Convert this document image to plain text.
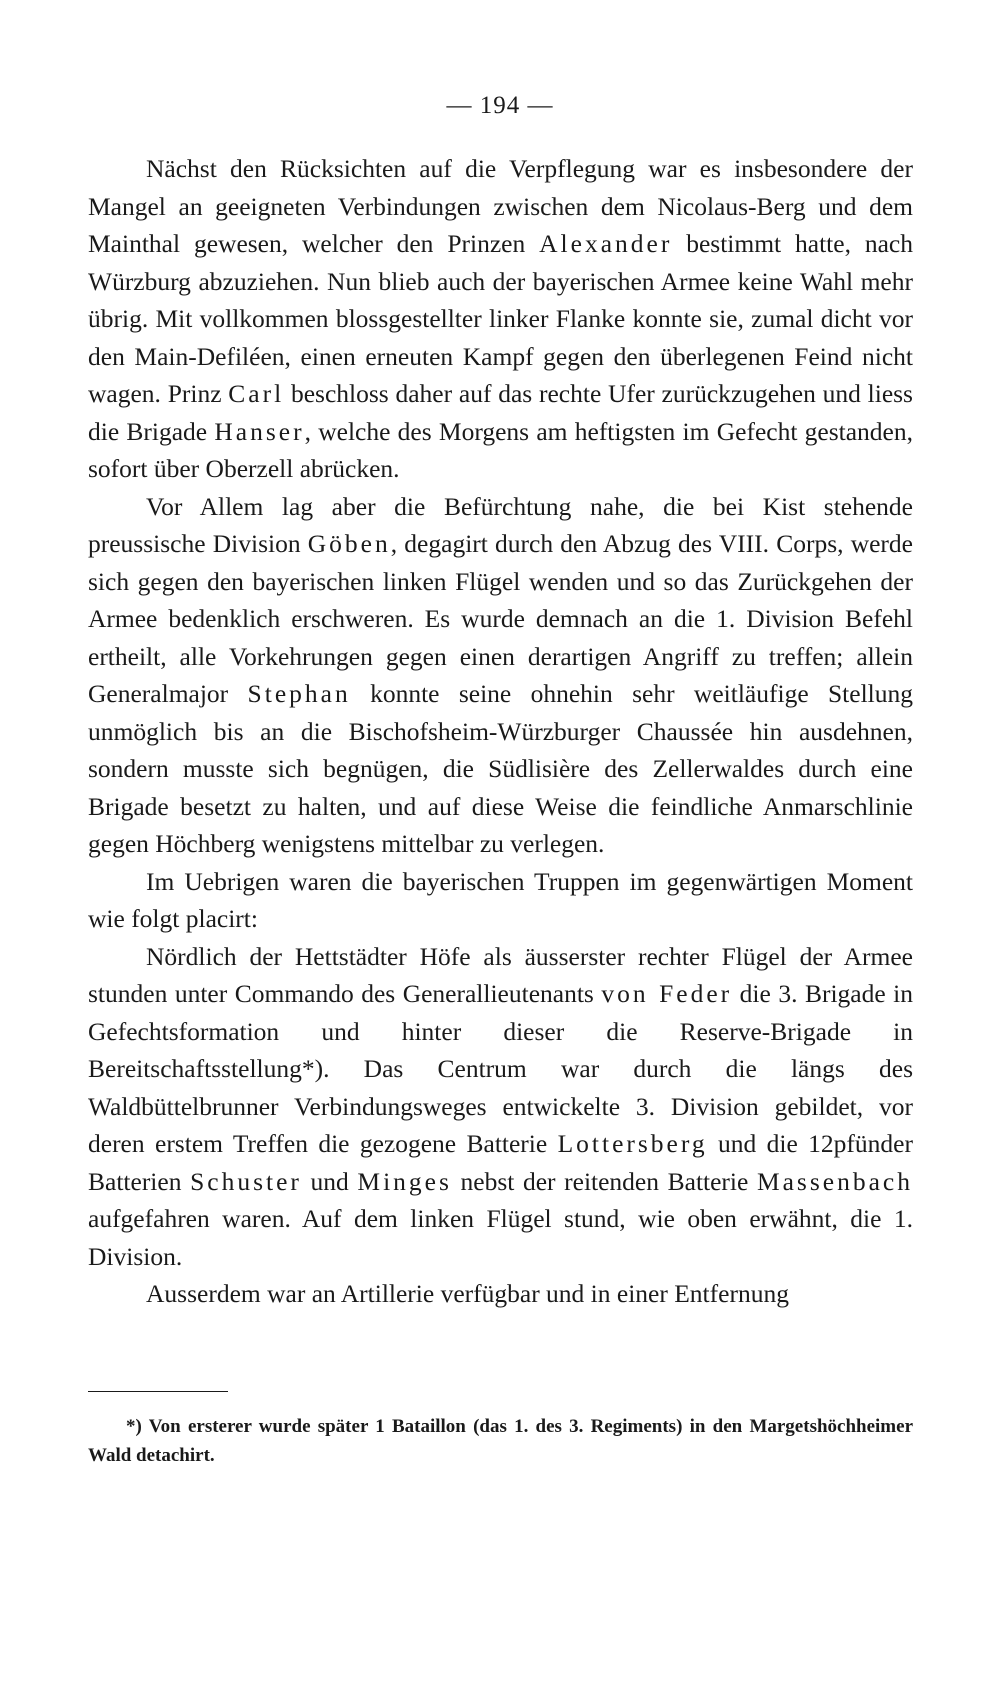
— 194 —

Nächst den Rücksichten auf die Verpflegung war es insbesondere der Mangel an geeigneten Verbindungen zwischen dem Nicolaus-Berg und dem Mainthal gewesen, welcher den Prinzen Alexander bestimmt hatte, nach Würzburg abzuziehen. Nun blieb auch der bayerischen Armee keine Wahl mehr übrig. Mit vollkommen blossgestellter linker Flanke konnte sie, zumal dicht vor den Main-Defiléen, einen erneuten Kampf gegen den überlegenen Feind nicht wagen. Prinz Carl beschloss daher auf das rechte Ufer zurückzugehen und liess die Brigade Hanser, welche des Morgens am heftigsten im Gefecht gestanden, sofort über Oberzell abrücken.

Vor Allem lag aber die Befürchtung nahe, die bei Kist stehende preussische Division Göben, degagirt durch den Abzug des VIII. Corps, werde sich gegen den bayerischen linken Flügel wenden und so das Zurückgehen der Armee bedenklich erschweren. Es wurde demnach an die 1. Division Befehl ertheilt, alle Vorkehrungen gegen einen derartigen Angriff zu treffen; allein Generalmajor Stephan konnte seine ohnehin sehr weitläufige Stellung unmöglich bis an die Bischofsheim-Würzburger Chaussée hin ausdehnen, sondern musste sich begnügen, die Südlisière des Zellerwaldes durch eine Brigade besetzt zu halten, und auf diese Weise die feindliche Anmarschlinie gegen Höchberg wenigstens mittelbar zu verlegen.

Im Uebrigen waren die bayerischen Truppen im gegenwärtigen Moment wie folgt placirt:

Nördlich der Hettstädter Höfe als äusserster rechter Flügel der Armee stunden unter Commando des Generallieutenants von Feder die 3. Brigade in Gefechtsformation und hinter dieser die Reserve-Brigade in Bereitschaftsstellung*). Das Centrum war durch die längs des Waldbüttelbrunner Verbindungsweges entwickelte 3. Division gebildet, vor deren erstem Treffen die gezogene Batterie Lottersberg und die 12pfünder Batterien Schuster und Minges nebst der reitenden Batterie Massenbach aufgefahren waren. Auf dem linken Flügel stund, wie oben erwähnt, die 1. Division.

Ausserdem war an Artillerie verfügbar und in einer Entfernung

*) Von ersterer wurde später 1 Bataillon (das 1. des 3. Regiments) in den Margetshöchheimer Wald detachirt.
